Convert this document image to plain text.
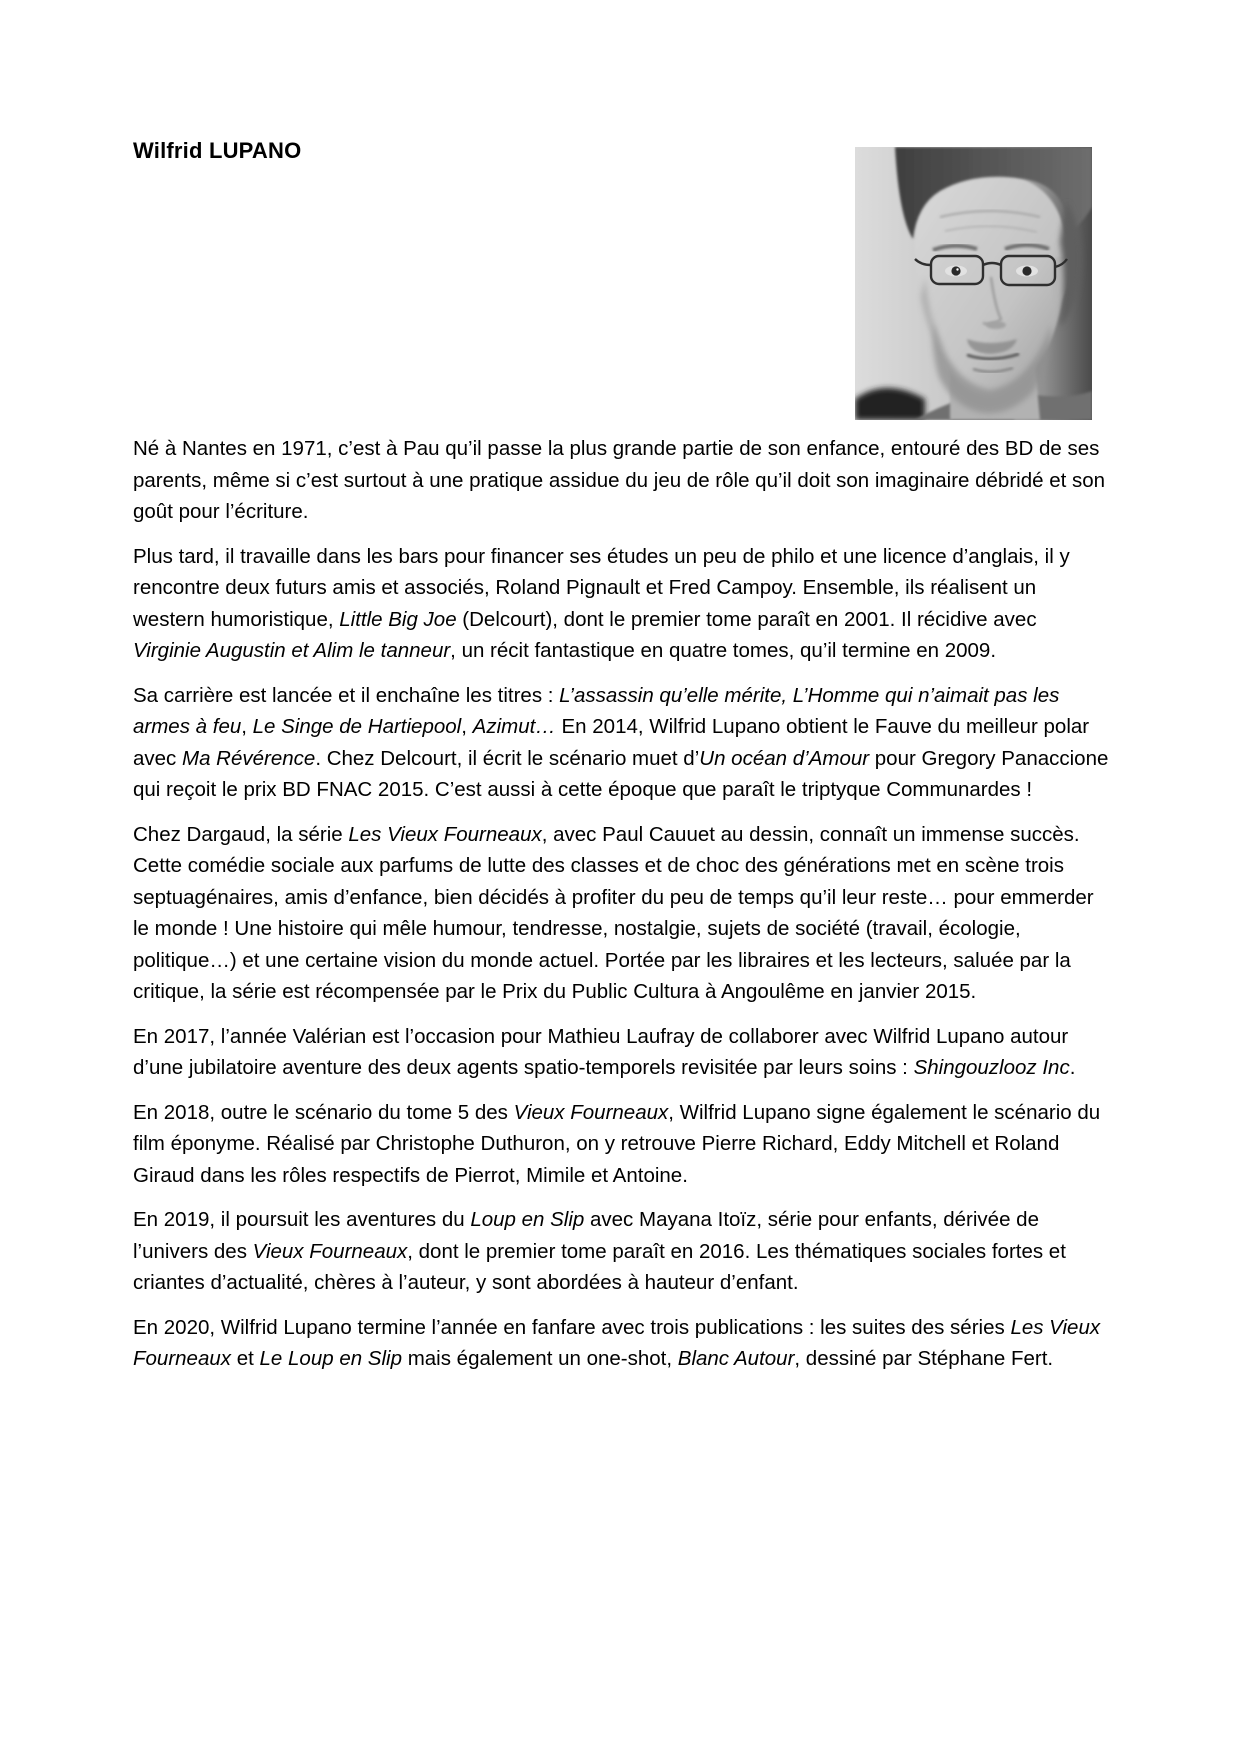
Wilfrid LUPANO

Né à Nantes en 1971, c’est à Pau qu’il passe la plus grande partie de son enfance, entouré des BD de ses parents, même si c’est surtout à une pratique assidue du jeu de rôle qu’il doit son imaginaire débridé et son goût pour l’écriture.

Plus tard, il travaille dans les bars pour financer ses études un peu de philo et une licence d’anglais, il y rencontre deux futurs amis et associés, Roland Pignault et Fred Campoy. Ensemble, ils réalisent un western humoristique, Little Big Joe (Delcourt), dont le premier tome paraît en 2001. Il récidive avec Virginie Augustin et Alim le tanneur, un récit fantastique en quatre tomes, qu’il termine en 2009.

Sa carrière est lancée et il enchaîne les titres : L’assassin qu’elle mérite, L’Homme qui n’aimait pas les armes à feu, Le Singe de Hartiepool, Azimut… En 2014, Wilfrid Lupano obtient le Fauve du meilleur polar avec Ma Révérence. Chez Delcourt, il écrit le scénario muet d’Un océan d’Amour pour Gregory Panaccione qui reçoit le prix BD FNAC 2015. C’est aussi à cette époque que paraît le triptyque Communardes !

Chez Dargaud, la série Les Vieux Fourneaux, avec Paul Cauuet au dessin, connaît un immense succès. Cette comédie sociale aux parfums de lutte des classes et de choc des générations met en scène trois septuagénaires, amis d’enfance, bien décidés à profiter du peu de temps qu’il leur reste… pour emmerder le monde ! Une histoire qui mêle humour, tendresse, nostalgie, sujets de société (travail, écologie, politique…) et une certaine vision du monde actuel. Portée par les libraires et les lecteurs, saluée par la critique, la série est récompensée par le Prix du Public Cultura à Angoulême en janvier 2015.

En 2017, l’année Valérian est l’occasion pour Mathieu Laufray de collaborer avec Wilfrid Lupano autour d’une jubilatoire aventure des deux agents spatio-temporels revisitée par leurs soins : Shingouzlooz Inc.

En 2018, outre le scénario du tome 5 des Vieux Fourneaux, Wilfrid Lupano signe également le scénario du film éponyme. Réalisé par Christophe Duthuron, on y retrouve Pierre Richard, Eddy Mitchell et Roland Giraud dans les rôles respectifs de Pierrot, Mimile et Antoine.

En 2019, il poursuit les aventures du Loup en Slip avec Mayana Itoïz, série pour enfants, dérivée de l’univers des Vieux Fourneaux, dont le premier tome paraît en 2016. Les thématiques sociales fortes et criantes d’actualité, chères à l’auteur, y sont abordées à hauteur d’enfant.

En 2020, Wilfrid Lupano termine l’année en fanfare avec trois publications : les suites des séries Les Vieux Fourneaux et Le Loup en Slip mais également un one-shot, Blanc Autour, dessiné par Stéphane Fert.
